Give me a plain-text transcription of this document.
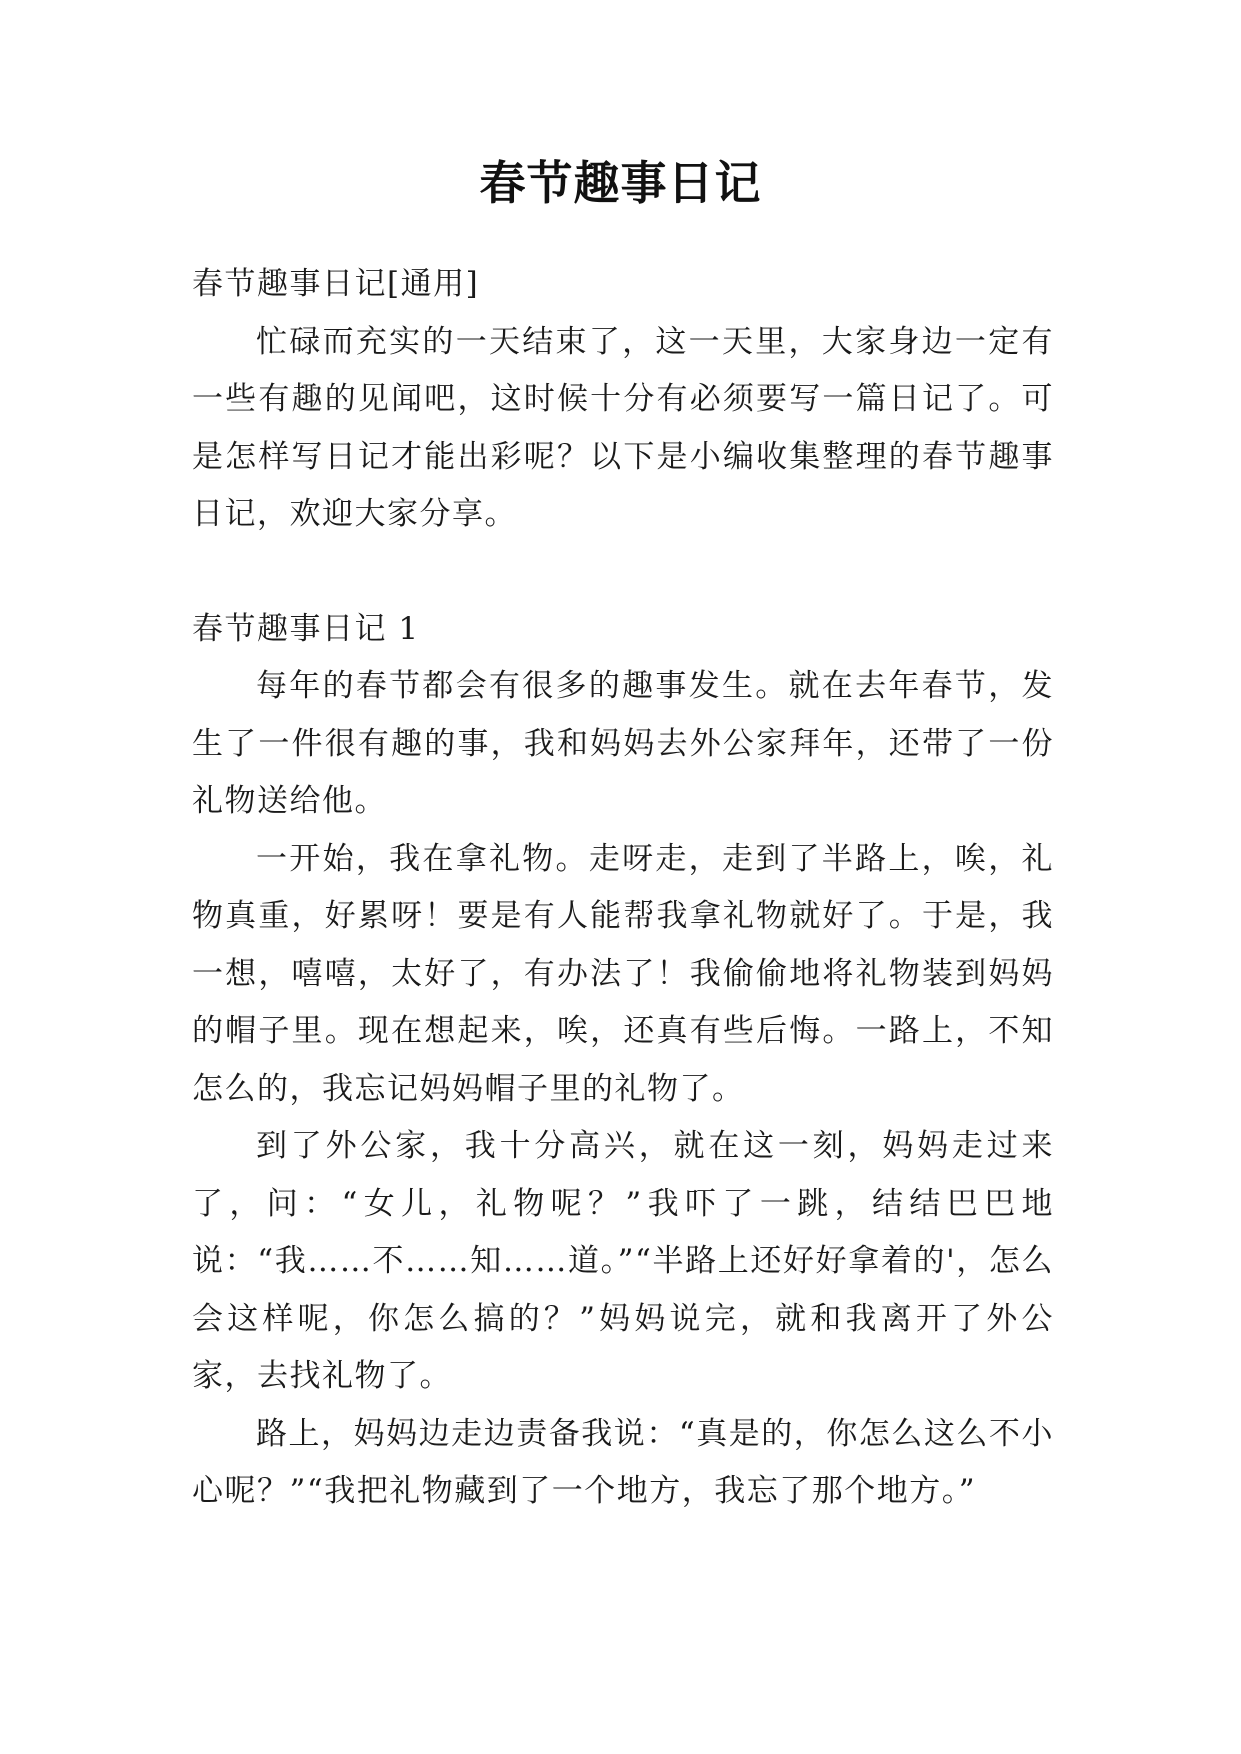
春节趣事日记

春节趣事日记[通用]

忙碌而充实的一天结束了，这一天里，大家身边一定有一些有趣的见闻吧，这时候十分有必须要写一篇日记了。可是怎样写日记才能出彩呢？以下是小编收集整理的春节趣事日记，欢迎大家分享。

春节趣事日记 1

每年的春节都会有很多的趣事发生。就在去年春节，发生了一件很有趣的事，我和妈妈去外公家拜年，还带了一份礼物送给他。

一开始，我在拿礼物。走呀走，走到了半路上，唉，礼物真重，好累呀！要是有人能帮我拿礼物就好了。于是，我一想，嘻嘻，太好了，有办法了！我偷偷地将礼物装到妈妈的帽子里。现在想起来，唉，还真有些后悔。一路上，不知怎么的，我忘记妈妈帽子里的礼物了。

到了外公家，我十分高兴，就在这一刻，妈妈走过来了，问：“女儿，礼物呢？”我吓了一跳，结结巴巴地说：“我……不……知……道。”“半路上还好好拿着的'，怎么会这样呢，你怎么搞的？”妈妈说完，就和我离开了外公家，去找礼物了。

路上，妈妈边走边责备我说：“真是的，你怎么这么不小心呢？”“我把礼物藏到了一个地方，我忘了那个地方。”
